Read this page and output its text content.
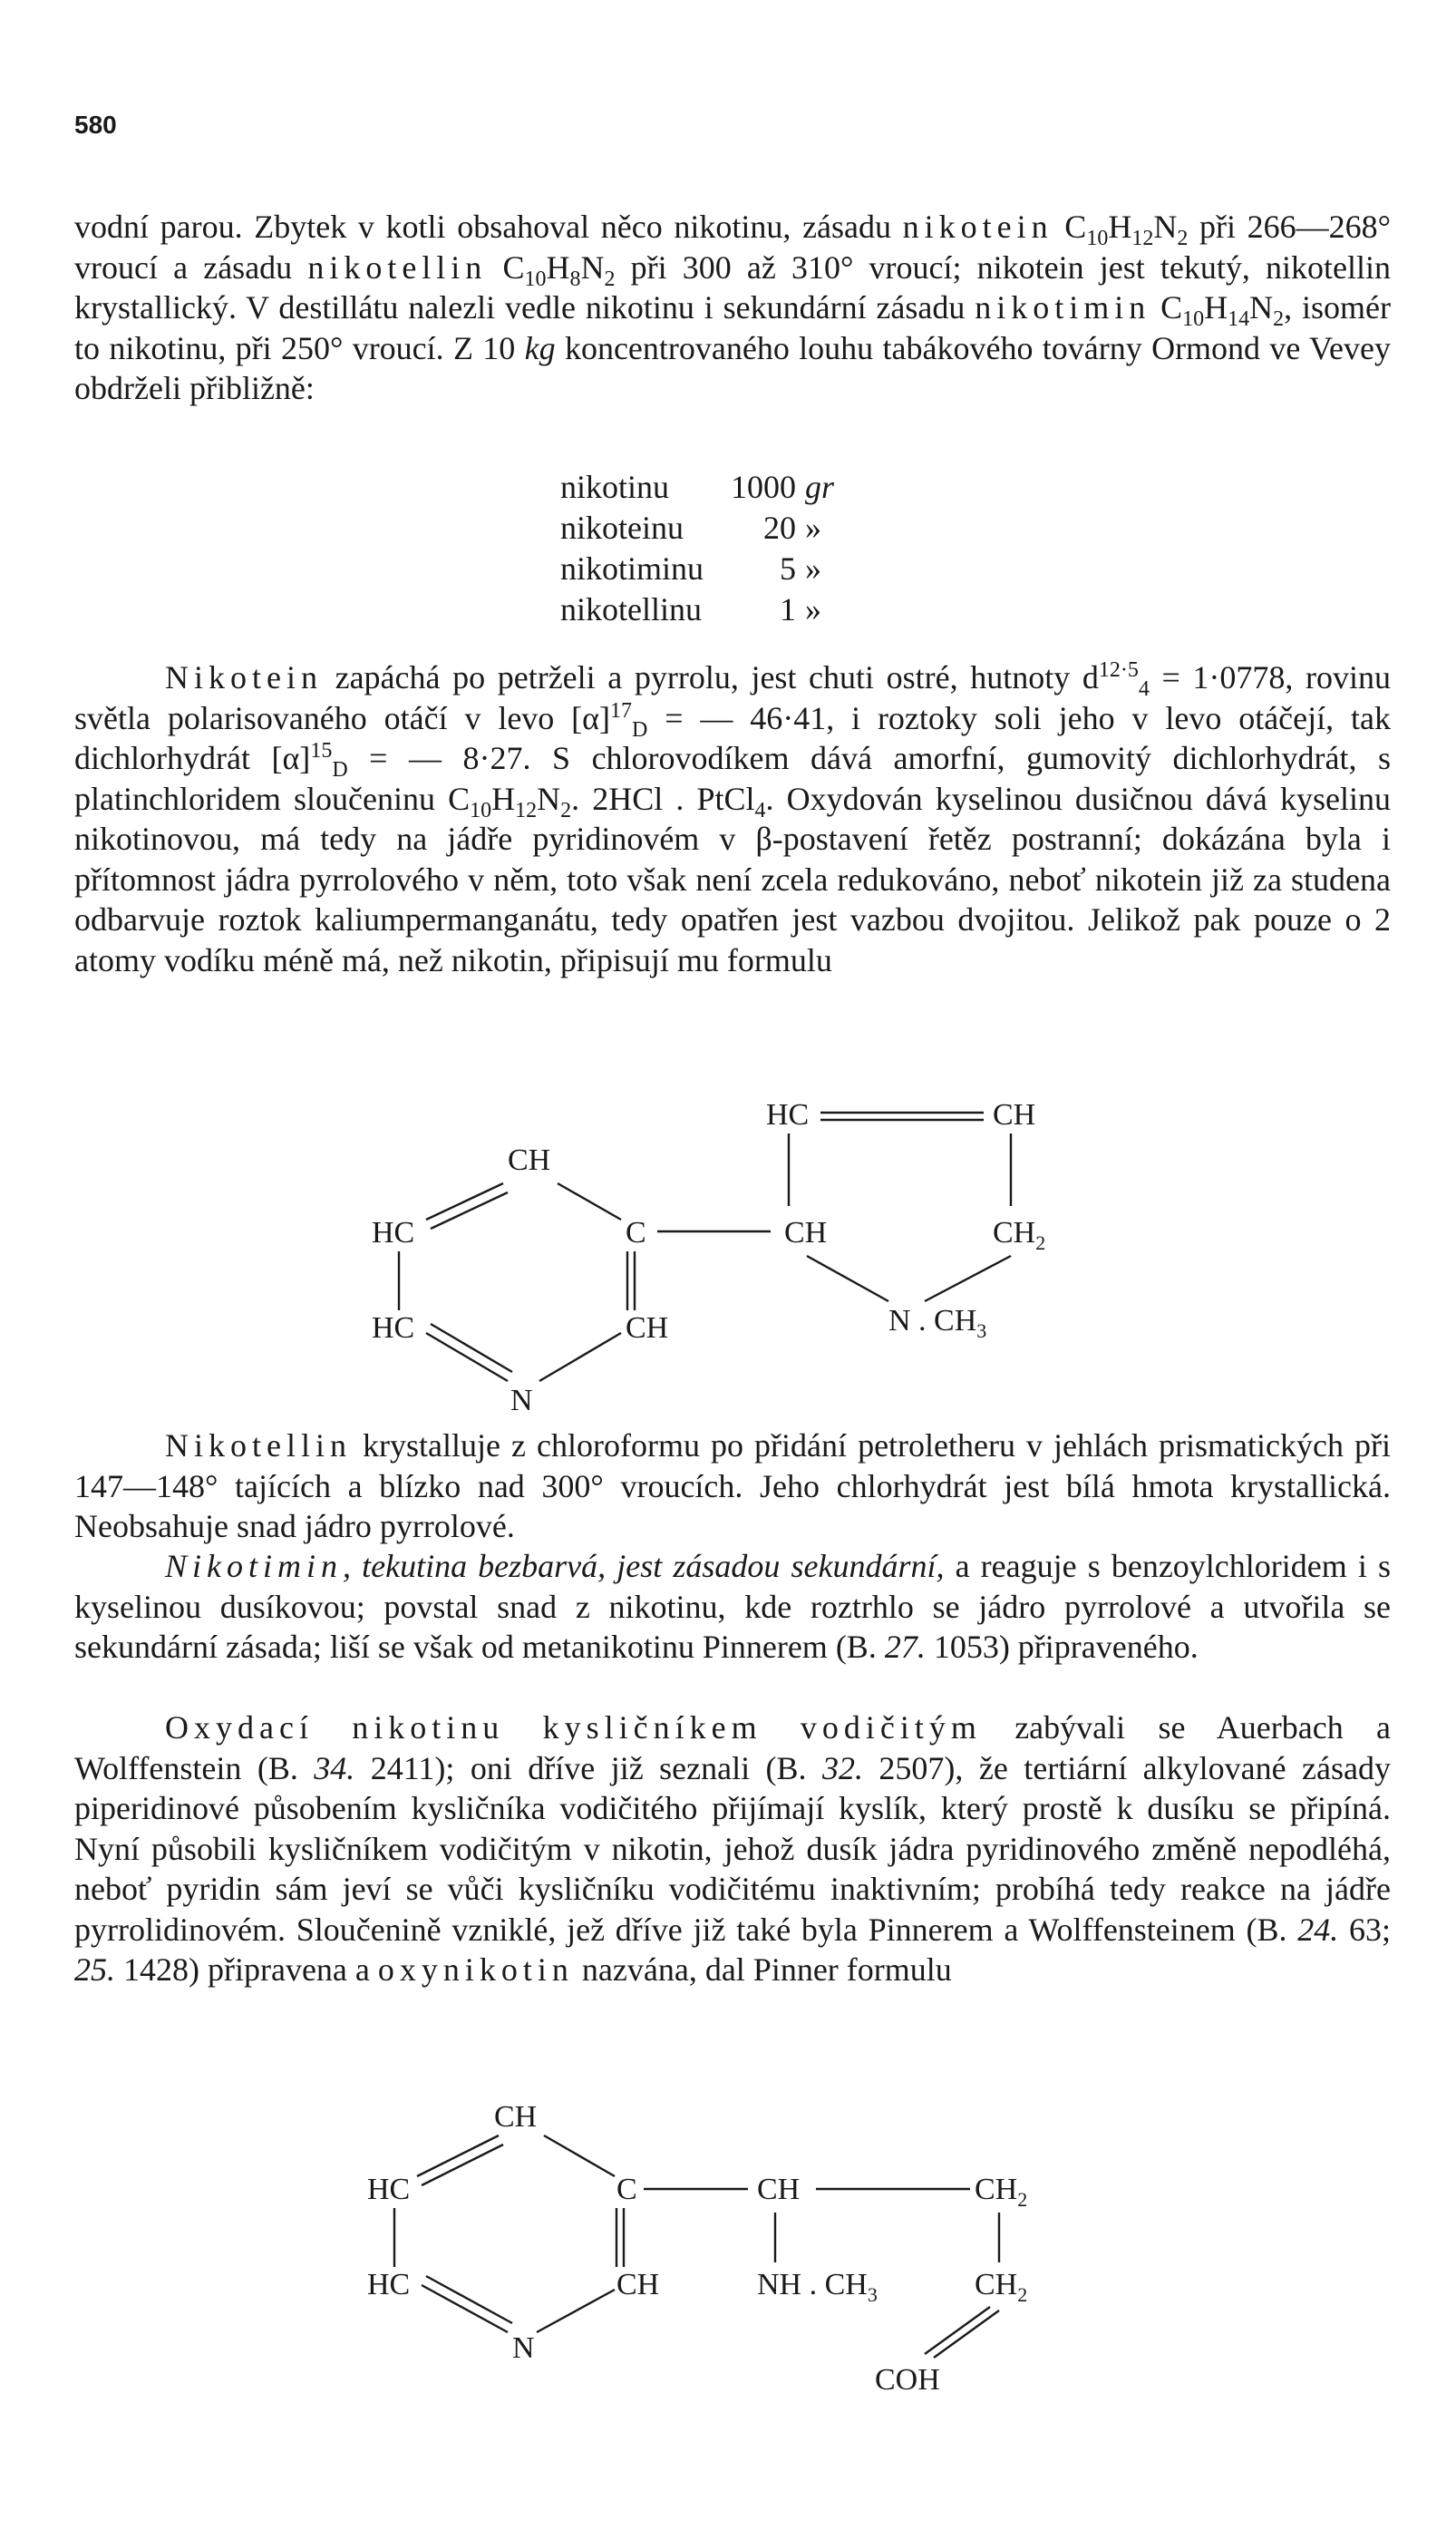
580

vodní parou. Zbytek v kotli obsahoval něco nikotinu, zásadu nikotein $C_{10}H_{12}N_2$ při 266—268° vroucí a zásadu nikotellin $C_{10}H_8N_2$ při 300 až 310° vroucí; nikotein jest tekutý, nikotellin krystallický. V destillátu nalezli vedle nikotinu i sekundární zásadu nikotimin $C_{10}H_{14}N_2$, isomér to nikotinu, při 250° vroucí. Z 10 kg koncentrovaného louhu tabákového továrny Ormond ve Vevey obdrželi přibližně:

nikotinu	1000	gr
nikoteinu	20	»
nikotiminu	5	»
nikotellinu	1	»

Nikotein zapáchá po petrželi a pyrrolu, jest chuti ostré, hutnoty $d^{12\cdot 5}_4 = 1\cdot 0778$, rovinu světla polarisovaného otáčí v levo $[\alpha]^{17}_D$ = — 46·41, i roztoky soli jeho v levo otáčejí, tak dichlorhydrát $[\alpha]^{15}_D$ = — 8·27. S chlorovodíkem dává amorfní, gumovitý dichlorhydrát, s platinchloridem sloučeninu $C_{10}H_{12}N_2$. 2HCl . PtCl$_4$. Oxydován kyselinou dusičnou dává kyselinu nikotinovou, má tedy na jádře pyridinovém v β-postavení řetěz postranní; dokázána byla i přítomnost jádra pyrrolového v něm, toto však není zcela redukováno, neboť nikotein již za studena odbarvuje roztok kaliumpermanganátu, tedy opatřen jest vazbou dvojitou. Jelikož pak pouze o 2 atomy vodíku méně má, než nikotin, připisují mu formulu

CH
HC
HC
C
CH
N
HC	CH
CH	$CH_2$
N . $CH_3$

Nikotellin krystalluje z chloroformu po přidání petroletheru v jehlách prismatických při 147—148° tajících a blízko nad 300° vroucích. Jeho chlorhydrát jest bílá hmota krystallická. Neobsahuje snad jádro pyrrolové.

Nikotimin, tekutina bezbarvá, jest zásadou sekundární, a reaguje s benzoylchloridem i s kyselinou dusíkovou; povstal snad z nikotinu, kde roztrhlo se jádro pyrrolové a utvořila se sekundární zásada; liší se však od metanikotinu Pinnerem (B. 27. 1053) připraveného.

Oxydací nikotinu kysličníkem vodičitým zabývali se Auerbach a Wolffenstein (B. 34. 2411); oni dříve již seznali (B. 32. 2507), že tertiární alkylované zásady piperidinové působením kysličníka vodičitého přijímají kyslík, který prostě k dusíku se připíná. Nyní působili kysličníkem vodičitým v nikotin, jehož dusík jádra pyridinového změně nepodléhá, neboť pyridin sám jeví se vůči kysličníku vodičitému inaktivním; probíhá tedy reakce na jádře pyrrolidinovém. Sloučenině vzniklé, jež dříve již také byla Pinnerem a Wolffensteinem (B. 24. 63; 25. 1428) připravena a oxynikotin nazvána, dal Pinner formulu

CH
HC
HC
C
CH
N
CH	$CH_2$
NH . $CH_3$	$CH_2$
COH
